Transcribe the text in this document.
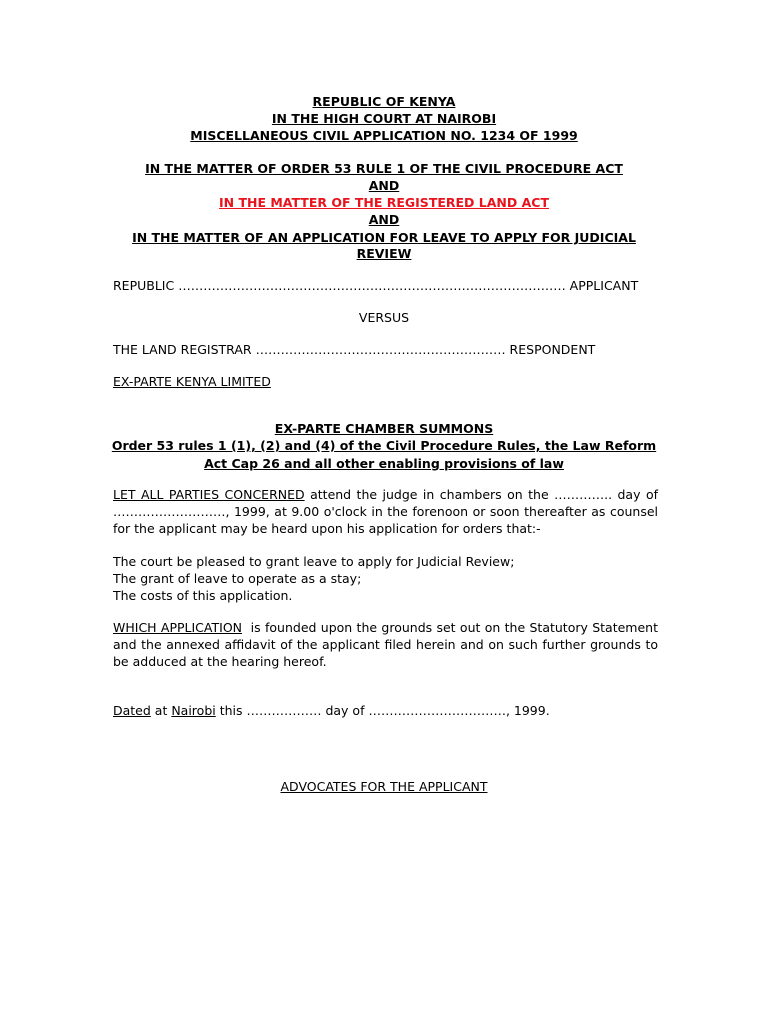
REPUBLIC OF KENYA
IN THE HIGH COURT AT NAIROBI
MISCELLANEOUS CIVIL APPLICATION NO. 1234 OF 1999
IN THE MATTER OF ORDER 53 RULE 1 OF THE CIVIL PROCEDURE ACT
AND
IN THE MATTER OF THE REGISTERED LAND ACT
AND
IN THE MATTER OF AN APPLICATION FOR LEAVE TO APPLY FOR JUDICIAL
REVIEW
REPUBLIC ………………………………………………………………………………… APPLICANT
VERSUS
THE LAND REGISTRAR …………………………………………………… RESPONDENT
EX-PARTE KENYA LIMITED
EX-PARTE CHAMBER SUMMONS
Order 53 rules 1 (1), (2) and (4) of the Civil Procedure Rules, the Law Reform
Act Cap 26 and all other enabling provisions of law

LET ALL PARTIES CONCERNED attend the judge in chambers on the ………….. day of ………………………, 1999, at 9.00 o'clock in the forenoon or soon thereafter as counsel for the applicant may be heard upon his application for orders that:-

The court be pleased to grant leave to apply for Judicial Review;
The grant of leave to operate as a stay;
The costs of this application.

WHICH APPLICATION  is founded upon the grounds set out on the Statutory Statement and the annexed affidavit of the applicant filed herein and on such further grounds to be adduced at the hearing hereof.

Dated at Nairobi this ……………… day of ……………………………, 1999.
ADVOCATES FOR THE APPLICANT
